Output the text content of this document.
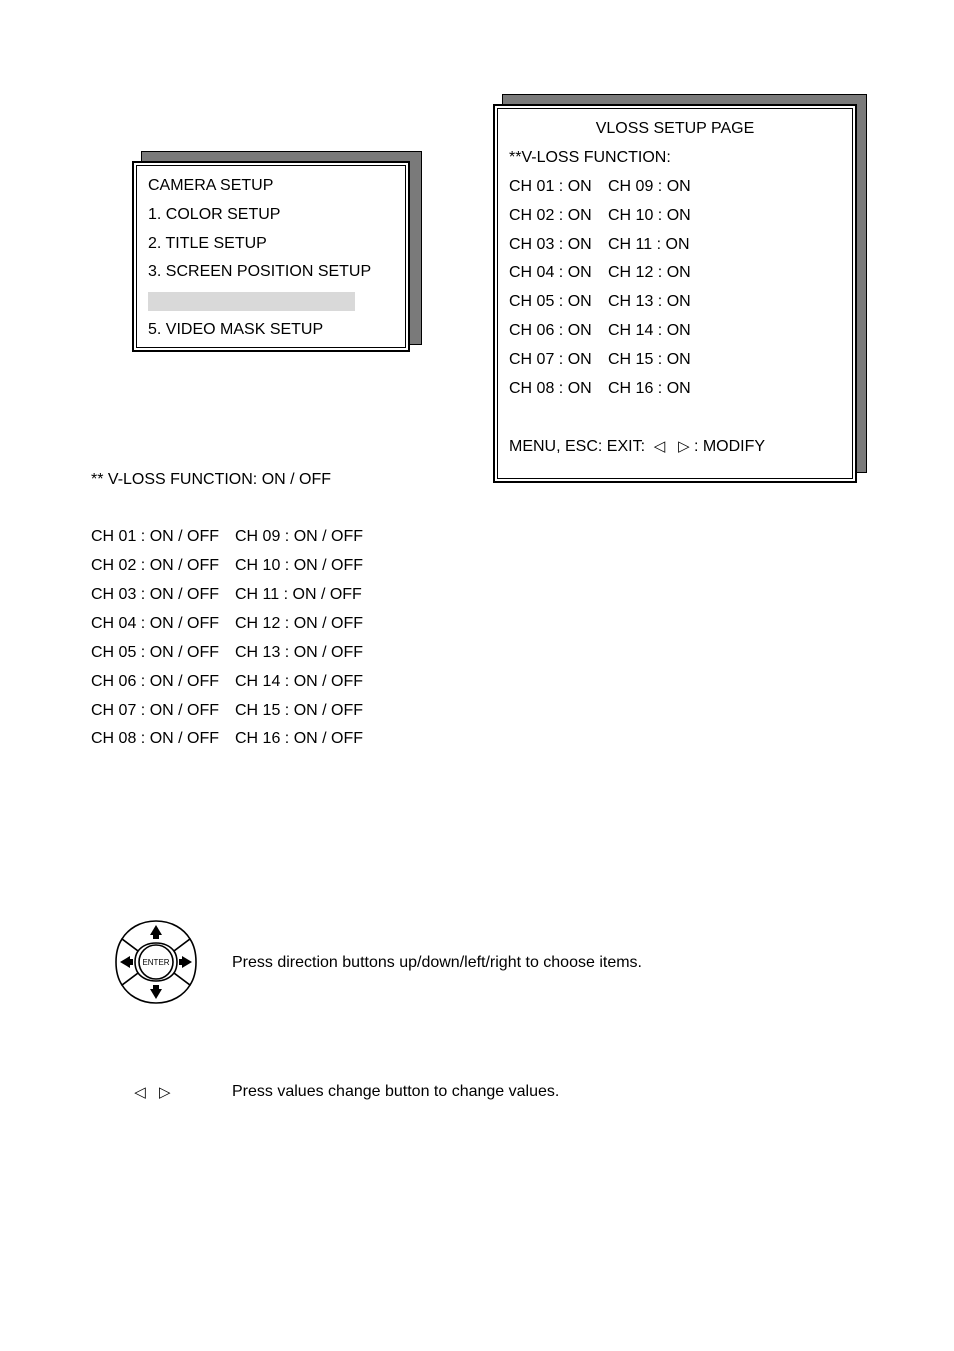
CAMERA SETUP
1. COLOR SETUP
2. TITLE SETUP
3. SCREEN POSITION SETUP
5. VIDEO MASK SETUP
VLOSS SETUP PAGE
**V-LOSS FUNCTION:
CH 01 : ON
CH 02 : ON
CH 03 : ON
CH 04 : ON
CH 05 : ON
CH 06 : ON
CH 07 : ON
CH 08 : ON
CH 09 : ON
CH 10 : ON
CH 11 : ON
CH 12 : ON
CH 13 : ON
CH 14 : ON
CH 15 : ON
CH 16 : ON
MENU, ESC: EXIT: ◁ ▷ : MODIFY
** V-LOSS FUNCTION: ON / OFF
CH 01 : ON / OFF
CH 02 : ON / OFF
CH 03 : ON / OFF
CH 04 : ON / OFF
CH 05 : ON / OFF
CH 06 : ON / OFF
CH 07 : ON / OFF
CH 08 : ON / OFF
CH 09 : ON / OFF
CH 10 : ON / OFF
CH 11 : ON / OFF
CH 12 : ON / OFF
CH 13 : ON / OFF
CH 14 : ON / OFF
CH 15 : ON / OFF
CH 16 : ON / OFF
ENTER	Press direction buttons up/down/left/right to choose items.
◁ ▷	Press values change button to change values.
